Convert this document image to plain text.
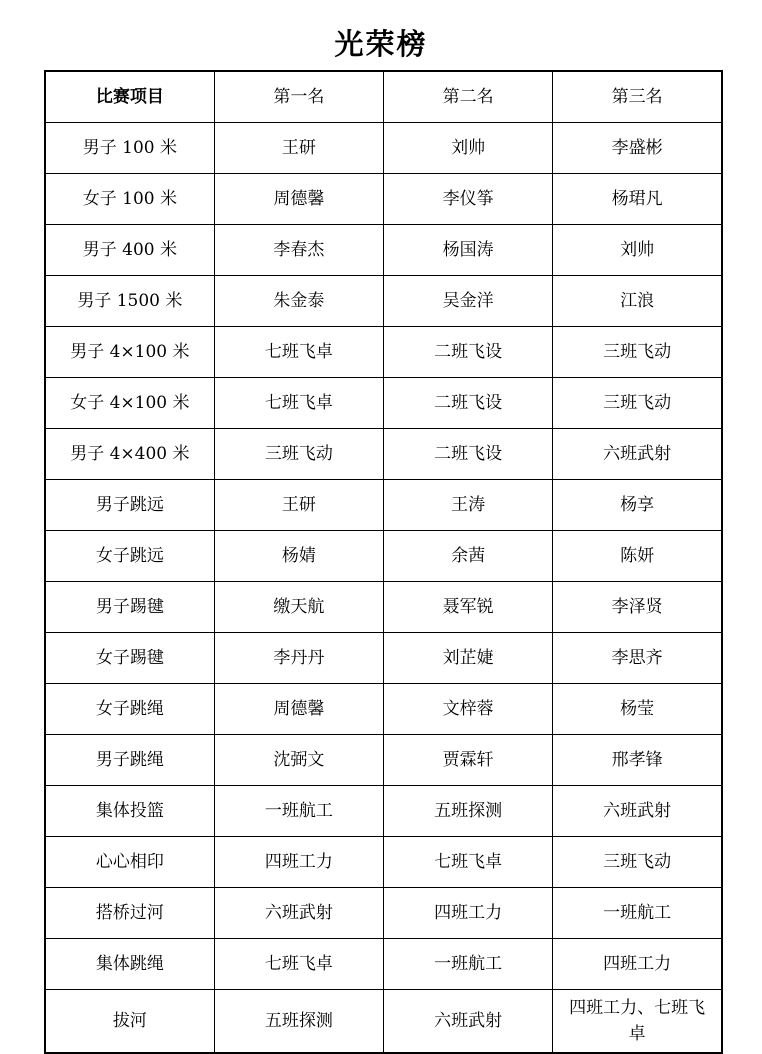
光荣榜
比赛项目	第一名	第二名	第三名
男子 100 米	王研	刘帅	李盛彬
女子 100 米	周德馨	李仪筝	杨珺凡
男子 400 米	李春杰	杨国涛	刘帅
男子 1500 米	朱金泰	吴金洋	江浪
男子 4×100 米	七班飞卓	二班飞设	三班飞动
女子 4×100 米	七班飞卓	二班飞设	三班飞动
男子 4×400 米	三班飞动	二班飞设	六班武射
男子跳远	王研	王涛	杨享
女子跳远	杨婧	余茜	陈妍
男子踢毽	缴天航	聂军锐	李泽贤
女子踢毽	李丹丹	刘芷婕	李思齐
女子跳绳	周德馨	文梓蓉	杨莹
男子跳绳	沈弼文	贾霖轩	邢孝锋
集体投篮	一班航工	五班探测	六班武射
心心相印	四班工力	七班飞卓	三班飞动
搭桥过河	六班武射	四班工力	一班航工
集体跳绳	七班飞卓	一班航工	四班工力
拔河	五班探测	六班武射	四班工力、七班飞卓
